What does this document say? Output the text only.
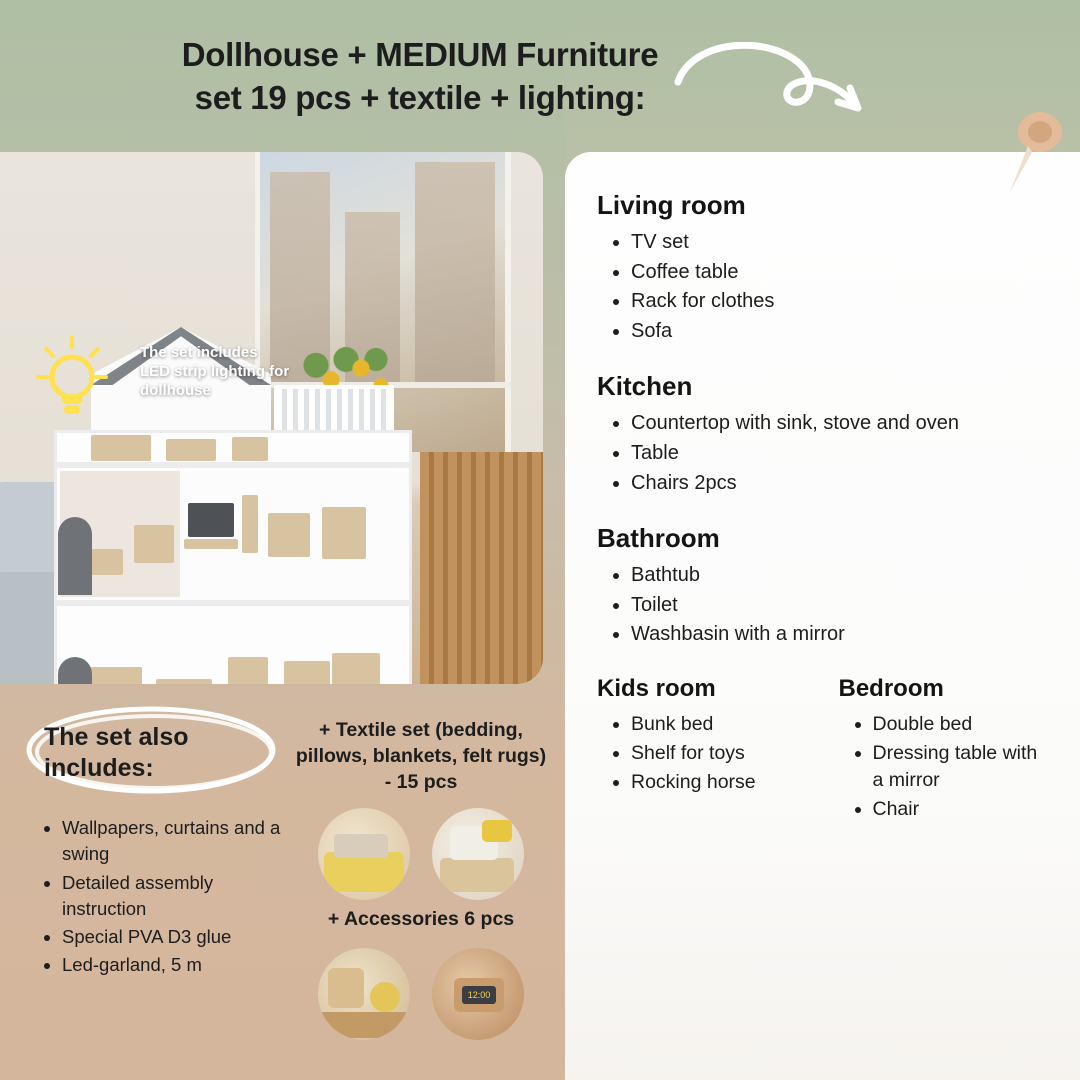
Dollhouse + MEDIUM Furniture
set 19 pcs + textile + lighting:
The set includes LED strip lighting for dollhouse
The set also includes:
• Wallpapers, curtains and a swing
• Detailed assembly instruction
• Special PVA D3 glue
• Led-garland, 5 m
+ Textile set (bedding, pillows, blankets, felt rugs) - 15 pcs
+ Accessories 6 pcs
12:00
Living room
• TV set
• Coffee table
• Rack for clothes
• Sofa
Kitchen
• Countertop with sink, stove and oven
• Table
• Chairs 2pcs
Bathroom
• Bathtub
• Toilet
• Washbasin with a mirror
Kids room
• Bunk bed
• Shelf for toys
• Rocking horse
Bedroom
• Double bed
• Dressing table with a mirror
• Chair
